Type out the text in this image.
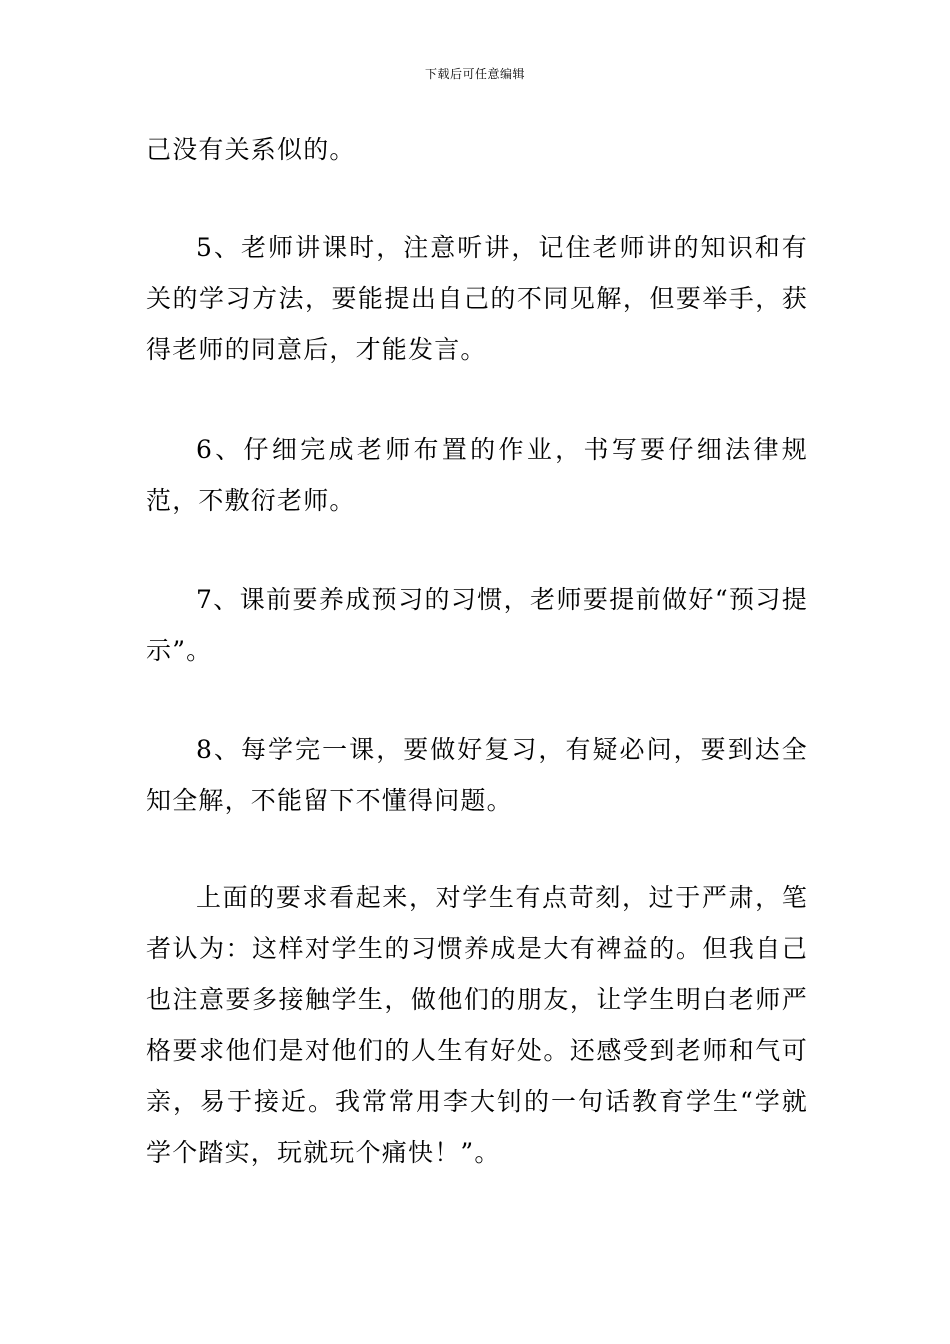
下载后可任意编辑
己没有关系似的。
5、老师讲课时，注意听讲，记住老师讲的知识和有关的学习方法，要能提出自己的不同见解，但要举手，获得老师的同意后，才能发言。
6、仔细完成老师布置的作业，书写要仔细法律规范，不敷衍老师。
7、课前要养成预习的习惯，老师要提前做好“预习提示”。
8、每学完一课，要做好复习，有疑必问，要到达全知全解，不能留下不懂得问题。
上面的要求看起来，对学生有点苛刻，过于严肃，笔者认为：这样对学生的习惯养成是大有裨益的。但我自己也注意要多接触学生，做他们的朋友，让学生明白老师严格要求他们是对他们的人生有好处。还感受到老师和气可亲，易于接近。我常常用李大钊的一句话教育学生“学就学个踏实，玩就玩个痛快！”。
